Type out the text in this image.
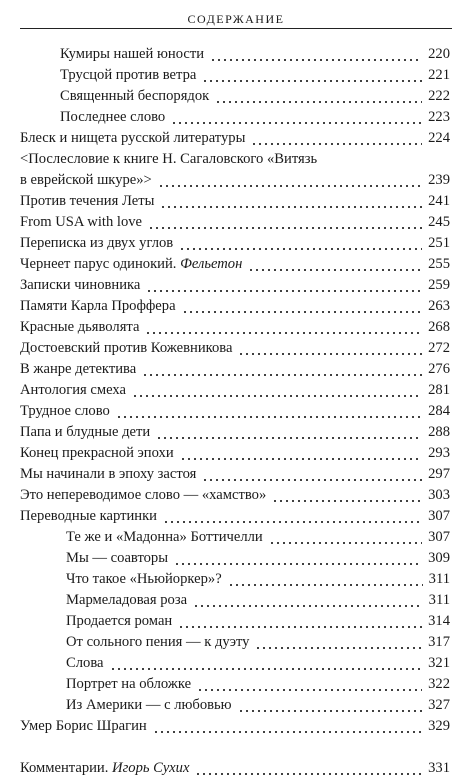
СОДЕРЖАНИЕ
Кумиры нашей юности	220
Трусцой против ветра	221
Священный беспорядок	222
Последнее слово	223
Блеск и нищета русской литературы	224
<Послесловие к книге Н. Сагаловского «Витязь
в еврейской шкуре»>	239
Против течения Леты	241
From USA with love	245
Переписка из двух углов	251
Чернеет парус одинокий. Фельетон	255
Записки чиновника	259
Памяти Карла Проффера	263
Красные дьяволята	268
Достоевский против Кожевникова	272
В жанре детектива	276
Антология смеха	281
Трудное слово	284
Папа и блудные дети	288
Конец прекрасной эпохи	293
Мы начинали в эпоху застоя	297
Это непереводимое слово — «хамство»	303
Переводные картинки	307
Те же и «Мадонна» Боттичелли	307
Мы — соавторы	309
Что такое «Ньюйоркер»?	311
Мармеладовая роза	311
Продается роман	314
От сольного пения — к дуэту	317
Слова	321
Портрет на обложке	322
Из Америки — с любовью	327
Умер Борис Шрагин	329
Комментарии. Игорь Сухих	331
